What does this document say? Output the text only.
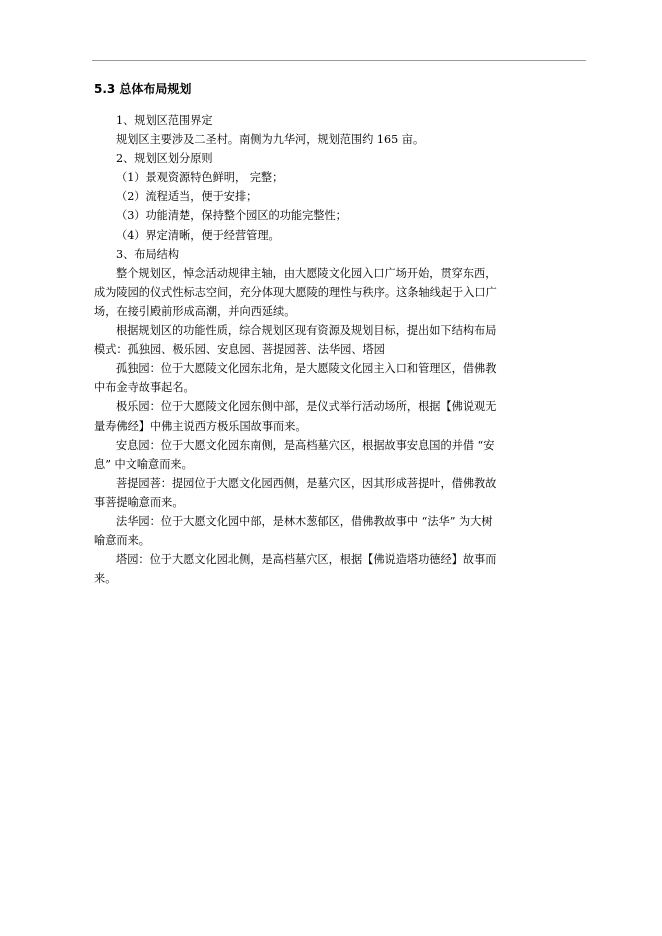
5.3 总体布局规划
1、规划区范围界定
规划区主要涉及二圣村。南侧为九华河，规划范围约 165 亩。
2、规划区划分原则
（1）景观资源特色鲜明， 完整；
（2）流程适当，便于安排；
（3）功能清楚，保持整个园区的功能完整性；
（4）界定清晰，便于经营管理。
3、布局结构
整个规划区，悼念活动规律主轴，由大愿陵文化园入口广场开始，贯穿东西，
成为陵园的仪式性标志空间，充分体现大愿陵的理性与秩序。这条轴线起于入口广
场，在接引殿前形成高潮，并向西延续。
根据规划区的功能性质，综合规划区现有资源及规划目标，提出如下结构布局
模式：孤独园、极乐园、安息园、菩提园菩、法华园、塔园
孤独园：位于大愿陵文化园东北角，是大愿陵文化园主入口和管理区，借佛教
中布金寺故事起名。
极乐园：位于大愿陵文化园东侧中部，是仪式举行活动场所，根据【佛说观无
量寿佛经】中佛主说西方极乐国故事而来。
安息园：位于大愿文化园东南侧，是高档墓穴区，根据故事安息国的并借 “安
息” 中文喻意而来。
菩提园菩：提园位于大愿文化园西侧，是墓穴区，因其形成菩提叶，借佛教故
事菩提喻意而来。
法华园：位于大愿文化园中部，是林木葱郁区，借佛教故事中 “法华” 为大树
喻意而来。
塔园：位于大愿文化园北侧，是高档墓穴区，根据【佛说造塔功德经】故事而
来。
